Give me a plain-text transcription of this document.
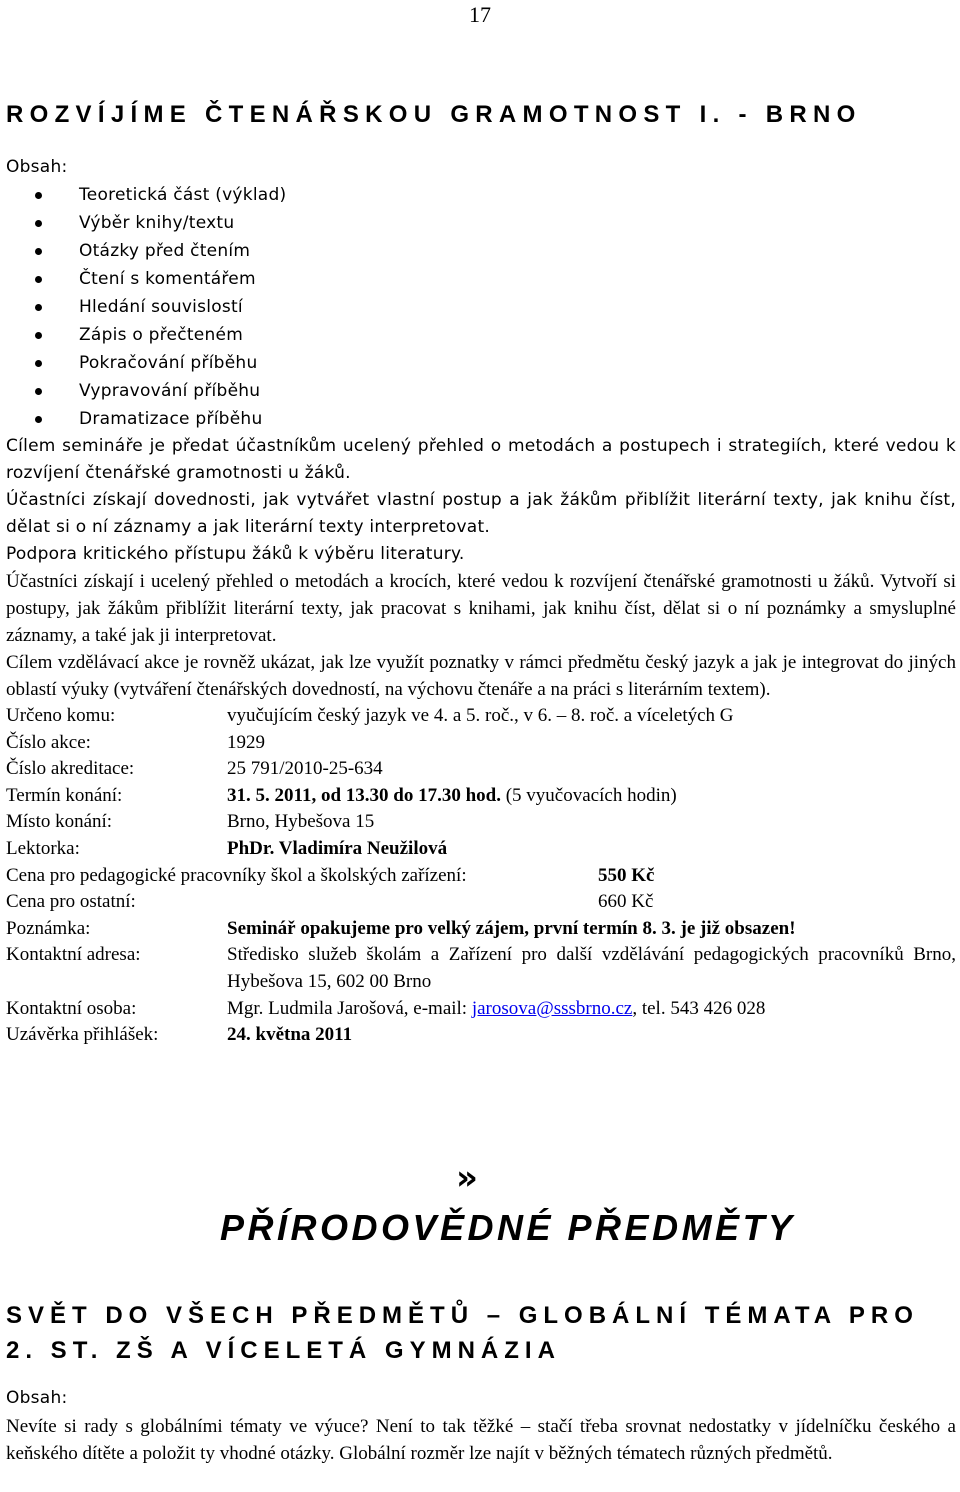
17
ROZVÍJÍME ČTENÁŘSKOU GRAMOTNOST I. - BRNO
Obsah:
Teoretická část (výklad)
Výběr knihy/textu
Otázky před čtením
Čtení s komentářem
Hledání souvislostí
Zápis o přečteném
Pokračování příběhu
Vypravování příběhu
Dramatizace příběhu
Cílem semináře je předat účastníkům ucelený přehled o metodách a postupech i strategiích, které vedou k rozvíjení čtenářské gramotnosti u žáků.
Účastníci získají dovednosti, jak vytvářet vlastní postup a jak žákům přiblížit literární texty, jak knihu číst, dělat si o ní záznamy a jak literární texty interpretovat.
Podpora kritického přístupu žáků k výběru literatury.
Účastníci získají i ucelený přehled o metodách a krocích, které vedou k rozvíjení čtenářské gramotnosti u žáků. Vytvoří si postupy, jak žákům přiblížit literární texty, jak pracovat s knihami, jak knihu číst, dělat si o ní poznámky a smysluplné záznamy, a také jak ji interpretovat.
Cílem vzdělávací akce je rovněž ukázat, jak lze využít poznatky v rámci předmětu český jazyk a jak je integrovat do jiných oblastí výuky (vytváření čtenářských dovedností, na výchovu čtenáře a na práci s literárním textem).
Určeno komu:	vyučujícím český jazyk ve 4. a 5. roč., v 6. – 8. roč. a víceletých G
Číslo akce:	1929
Číslo akreditace:	25 791/2010-25-634
Termín konání:	31. 5. 2011, od 13.30 do 17.30 hod. (5 vyučovacích hodin)
Místo konání:	Brno, Hybešova 15
Lektorka:	PhDr. Vladimíra Neužilová

Cena pro pedagogické pracovníky škol a školských zařízení: 550 Kč	

Cena pro ostatní: 660 Kč	

Poznámka:	Seminář opakujeme pro velký zájem, první termín 8. 3. je již obsazen!
Kontaktní adresa:	Středisko služeb školám a Zařízení pro další vzdělávání pedagogických pracovníků Brno, Hybešova 15, 602 00 Brno
Kontaktní osoba:	Mgr. Ludmila Jarošová, e-mail: jarosova@sssbrno.cz, tel. 543 426 028
Uzávěrka přihlášek:	24. května 2011
»
PŘÍRODOVĚDNÉ PŘEDMĚTY
SVĚT DO VŠECH PŘEDMĚTŮ – GLOBÁLNÍ TÉMATA PRO 2. ST. ZŠ A VÍCELETÁ GYMNÁZIA
Obsah:
Nevíte si rady s globálními tématy ve výuce? Není to tak těžké – stačí třeba srovnat nedostatky v jídelníčku českého a keňského dítěte a položit ty vhodné otázky. Globální rozměr lze najít v běžných tématech různých předmětů.
